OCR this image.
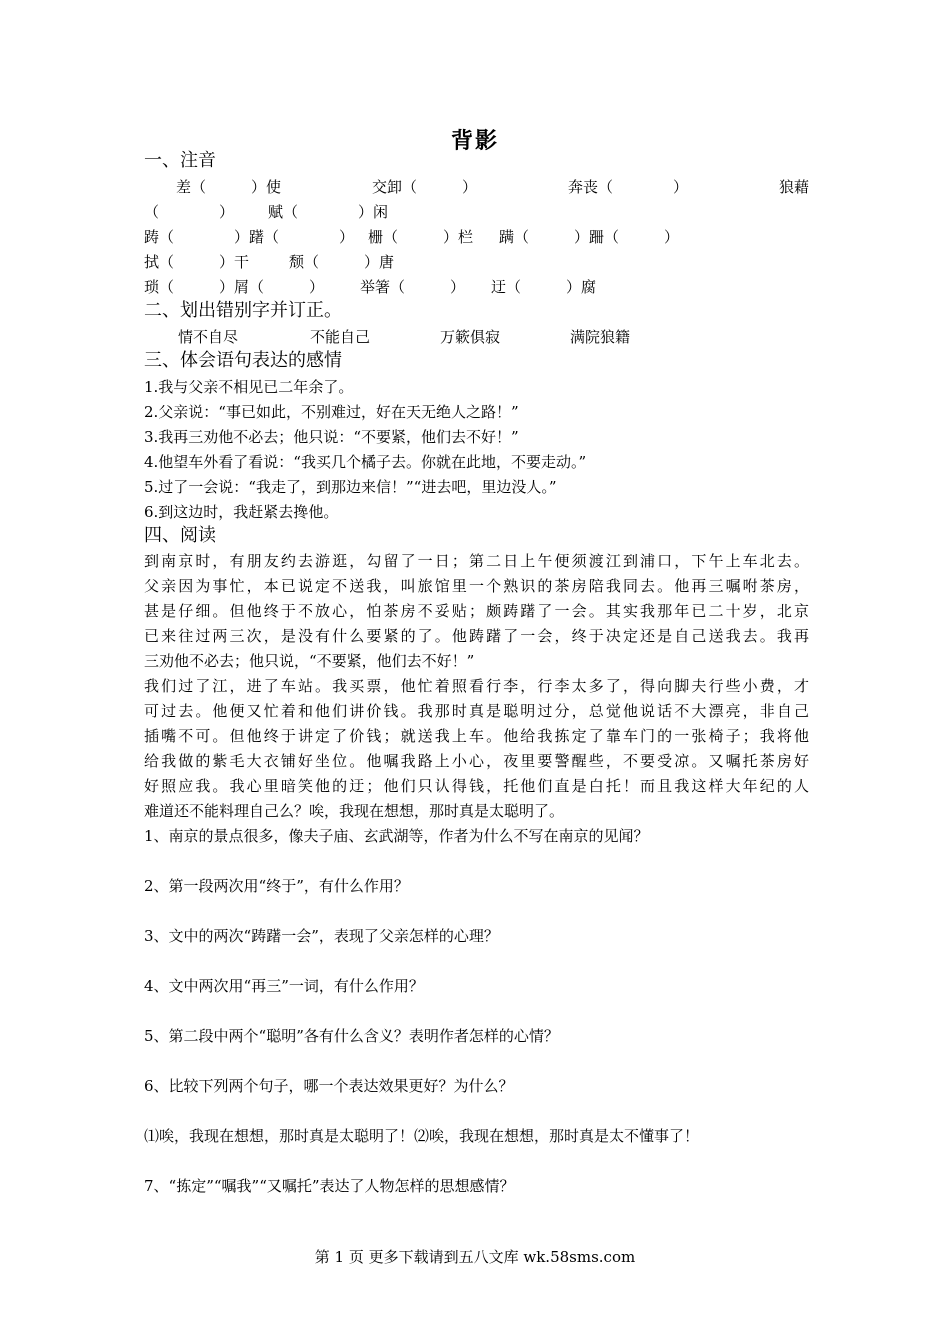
背影
一、注音
差（　　　）使	交卸（　　　）	奔丧（　　　　）	狼藉
（　　　　） 赋（　　　　）闲
踌（　　　　）躇（　　　　） 栅（　　　）栏 蹒（　　　）跚（　　　）
拭（　　　）干	颓（　　　）唐
琐（　　　）屑（　　　） 举箸（　　　） 迂（　　　）腐
二、划出错别字并订正。
情不自尽	不能自己	万簌俱寂	满院狼籍
三、体会语句表达的感情
1.我与父亲不相见已二年余了。
2.父亲说：“事已如此，不别难过，好在天无绝人之路！”
3.我再三劝他不必去；他只说：“不要紧，他们去不好！”
4.他望车外看了看说：“我买几个橘子去。你就在此地，不要走动。”
5.过了一会说：“我走了，到那边来信！”“进去吧，里边没人。”
6.到这边时，我赶紧去搀他。
四、阅读
到南京时，有朋友约去游逛，勾留了一日；第二日上午便须渡江到浦口，下午上车北去。
父亲因为事忙，本已说定不送我，叫旅馆里一个熟识的茶房陪我同去。他再三嘱咐茶房，
甚是仔细。但他终于不放心，怕茶房不妥贴；颇踌躇了一会。其实我那年已二十岁，北京
已来往过两三次，是没有什么要紧的了。他踌躇了一会，终于决定还是自己送我去。我再
三劝他不必去；他只说，“不要紧，他们去不好！”
我们过了江，进了车站。我买票，他忙着照看行李，行李太多了，得向脚夫行些小费，才
可过去。他便又忙着和他们讲价钱。我那时真是聪明过分，总觉他说话不大漂亮，非自己
插嘴不可。但他终于讲定了价钱；就送我上车。他给我拣定了靠车门的一张椅子；我将他
给我做的紫毛大衣铺好坐位。他嘱我路上小心，夜里要警醒些，不要受凉。又嘱托茶房好
好照应我。我心里暗笑他的迂；他们只认得钱，托他们直是白托！而且我这样大年纪的人
难道还不能料理自己么？唉，我现在想想，那时真是太聪明了。
1、南京的景点很多，像夫子庙、玄武湖等，作者为什么不写在南京的见闻？
2、第一段两次用“终于”，有什么作用？
3、文中的两次“踌躇一会”，表现了父亲怎样的心理？
4、文中两次用“再三”一词，有什么作用？
5、第二段中两个“聪明”各有什么含义？表明作者怎样的心情？
6、比较下列两个句子，哪一个表达效果更好？为什么？
⑴唉，我现在想想，那时真是太聪明了！⑵唉，我现在想想，那时真是太不懂事了！
7、“拣定”“嘱我”“又嘱托”表达了人物怎样的思想感情？
第 1 页 更多下载请到五八文库 wk.58sms.com
